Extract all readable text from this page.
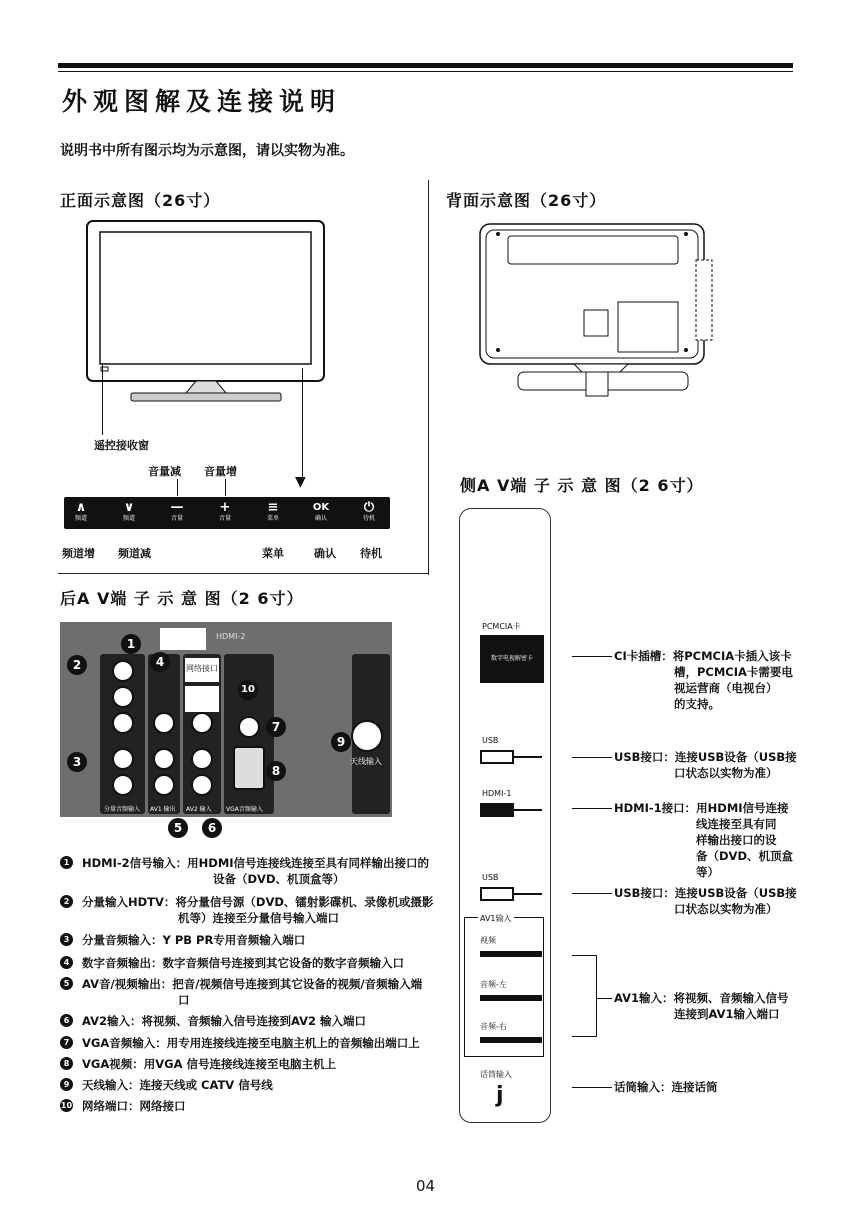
外观图解及连接说明
说明书中所有图示均为示意图，请以实物为准。
正面示意图（26寸）
▼
遥控接收窗
音量减 音量增
∧
频道
∨
频道
—
音量
+
音量
≡
菜单
OK
确认
⏻
待机
频道增 频道减	菜单	确认 待机
背面示意图（26寸）
后A V端 子 示 意 图（2 6寸）
HDMI-2
网络接口
天线输入
分量音频输入 AV1 输出 AV2 输入 VGA音频输入
1
2
3
4
5	6
7
8
9
10
1	HDMI-2信号输入：用HDMI信号连接线连接至具有同样输出接口的
设备（DVD、机顶盒等）
2	分量输入HDTV：将分量信号源（DVD、镭射影碟机、录像机或摄影
机等）连接至分量信号输入端口
3	分量音频输入：Y PB PR专用音频输入端口
4	数字音频输出：数字音频信号连接到其它设备的数字音频输入口
5	AV音/视频输出：把音/视频信号连接到其它设备的视频/音频输入端
口
6	AV2输入：将视频、音频输入信号连接到AV2 输入端口
7	VGA音频输入：用专用连接线连接至电脑主机上的音频输出端口上
8	VGA视频：用VGA 信号连接线连接至电脑主机上
9	天线输入：连接天线或 CATV 信号线
10 网络端口：网络接口
侧A V端 子 示 意 图（2 6寸）
PCMCIA卡
数字电视解密卡
USB
HDMI-1
USB
AV1输入
视频
音频-左
音频-右
话筒输入
j
CI卡插槽：将PCMCIA卡插入该卡
槽，PCMCIA卡需要电
视运营商（电视台）
的支持。
USB接口：连接USB设备（USB接
口状态以实物为准）
HDMI-1接口：用HDMI信号连接
线连接至具有同
样输出接口的设
备（DVD、机顶盒
等）
USB接口：连接USB设备（USB接
口状态以实物为准）
AV1输入：将视频、音频输入信号
连接到AV1输入端口
话筒输入：连接话筒
04
